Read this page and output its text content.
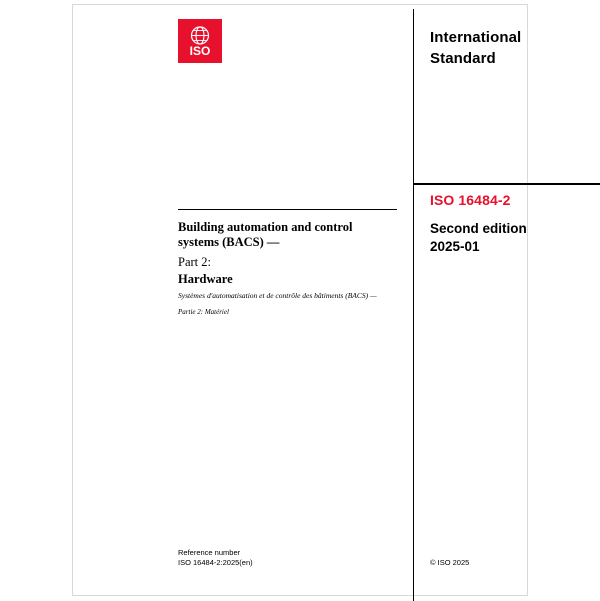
ISO
International
Standard
ISO 16484-2
Second edition
2025-01
Building automation and control systems (BACS) —
Part 2:
Hardware
Systèmes d'automatisation et de contrôle des bâtiments (BACS) —
Partie 2: Matériel
Reference number
ISO 16484-2:2025(en)	© ISO 2025
